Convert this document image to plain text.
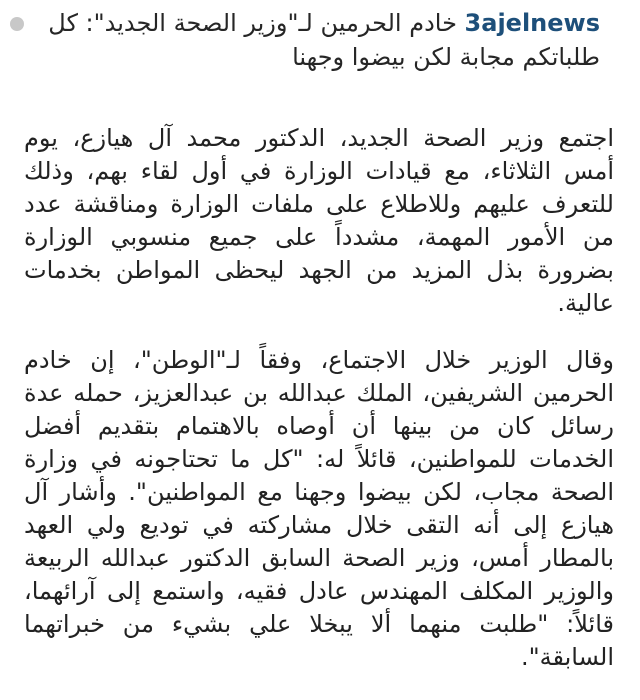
3ajelnews خادم الحرمين لـ"وزير الصحة الجديد": كل طلباتكم مجابة لكن بيضوا وجهنا

اجتمع وزير الصحة الجديد، الدكتور محمد آل هيازع، يوم أمس الثلاثاء، مع قيادات الوزارة في أول لقاء بهم، وذلك للتعرف عليهم وللاطلاع على ملفات الوزارة ومناقشة عدد من الأمور المهمة، مشدداً على جميع منسوبي الوزارة بضرورة بذل المزيد من الجهد ليحظى المواطن بخدمات عالية.

وقال الوزير خلال الاجتماع، وفقاً لـ"الوطن"، إن خادم الحرمين الشريفين، الملك عبدالله بن عبدالعزيز، حمله عدة رسائل كان من بينها أن أوصاه بالاهتمام بتقديم أفضل الخدمات للمواطنين، قائلاً له: "كل ما تحتاجونه في وزارة الصحة مجاب، لكن بيضوا وجهنا مع المواطنين". وأشار آل هيازع إلى أنه التقى خلال مشاركته في توديع ولي العهد بالمطار أمس، وزير الصحة السابق الدكتور عبدالله الربيعة والوزير المكلف المهندس عادل فقيه، واستمع إلى آرائهما، قائلاً: "طلبت منهما ألا يبخلا علي بشيء من خبراتهما السابقة".
